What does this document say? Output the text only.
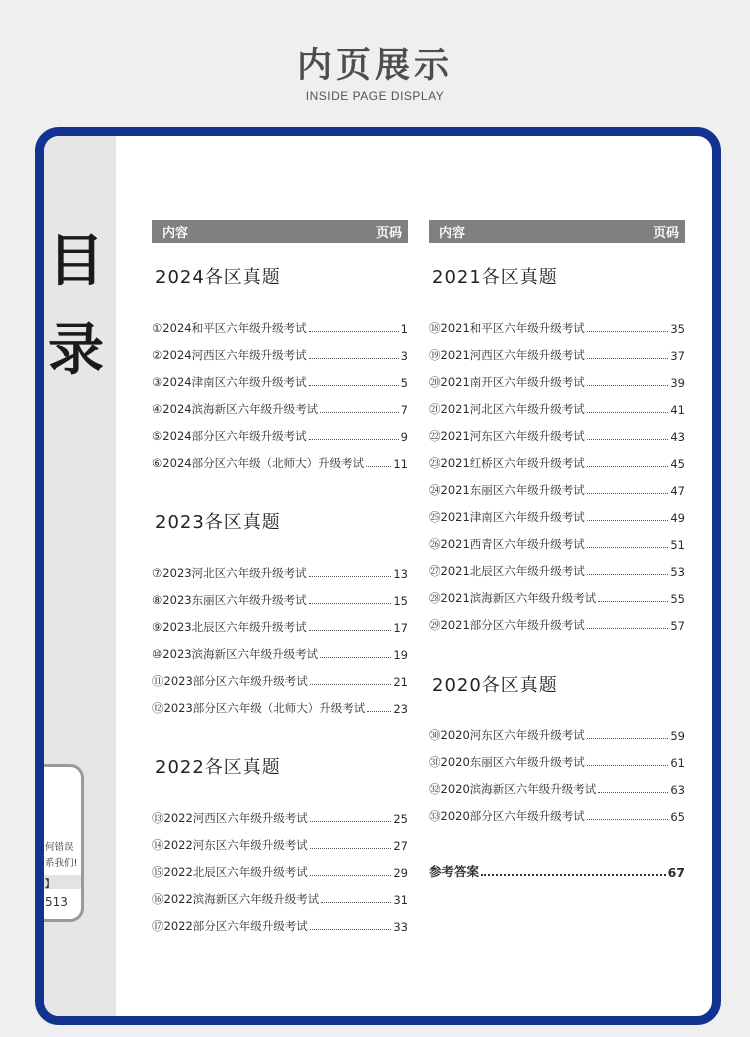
内页展示
INSIDE PAGE DISPLAY
目
录
何错误
系我们!
】
513
内容	页码
2024各区真题
①2024和平区六年级升级考试	1
②2024河西区六年级升级考试	3
③2024津南区六年级升级考试	5
④2024滨海新区六年级升级考试	7
⑤2024部分区六年级升级考试	9
⑥2024部分区六年级（北师大）升级考试	11
2023各区真题
⑦2023河北区六年级升级考试	13
⑧2023东丽区六年级升级考试	15
⑨2023北辰区六年级升级考试	17
⑩2023滨海新区六年级升级考试	19
⑪2023部分区六年级升级考试	21
⑫2023部分区六年级（北师大）升级考试 23
2022各区真题
⑬2022河西区六年级升级考试	25
⑭2022河东区六年级升级考试	27
⑮2022北辰区六年级升级考试	29
⑯2022滨海新区六年级升级考试	31
⑰2022部分区六年级升级考试	33
内容	页码
2021各区真题
⑱2021和平区六年级升级考试	35
⑲2021河西区六年级升级考试	37
⑳2021南开区六年级升级考试	39
㉑2021河北区六年级升级考试	41
㉒2021河东区六年级升级考试	43
㉓2021红桥区六年级升级考试	45
㉔2021东丽区六年级升级考试	47
㉕2021津南区六年级升级考试	49
㉖2021西青区六年级升级考试	51
㉗2021北辰区六年级升级考试	53
㉘2021滨海新区六年级升级考试	55
㉙2021部分区六年级升级考试	57
2020各区真题
㉚2020河东区六年级升级考试	59
㉛2020东丽区六年级升级考试	61
㉜2020滨海新区六年级升级考试	63
㉝2020部分区六年级升级考试	65
参考答案	67
